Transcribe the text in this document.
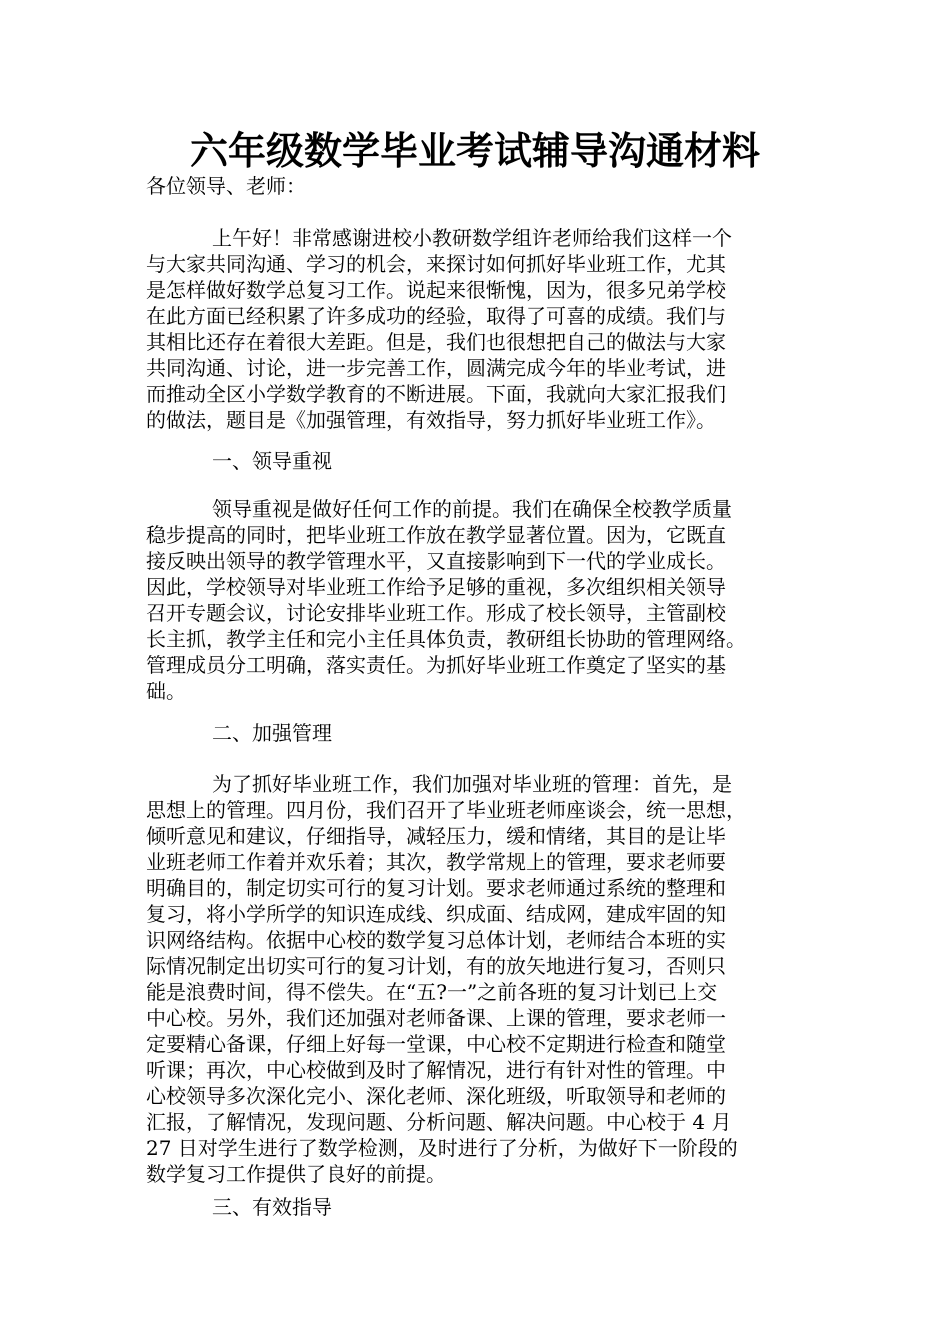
六年级数学毕业考试辅导沟通材料

各位领导、老师：

上午好！非常感谢进校小教研数学组许老师给我们这样一个
与大家共同沟通、学习的机会，来探讨如何抓好毕业班工作，尤其
是怎样做好数学总复习工作。说起来很惭愧，因为，很多兄弟学校
在此方面已经积累了许多成功的经验，取得了可喜的成绩。我们与
其相比还存在着很大差距。但是，我们也很想把自己的做法与大家
共同沟通、讨论，进一步完善工作，圆满完成今年的毕业考试，进
而推动全区小学数学教育的不断进展。下面，我就向大家汇报我们
的做法，题目是《加强管理，有效指导，努力抓好毕业班工作》。

一、领导重视

领导重视是做好任何工作的前提。我们在确保全校教学质量
稳步提高的同时，把毕业班工作放在教学显著位置。因为，它既直
接反映出领导的教学管理水平，又直接影响到下一代的学业成长。
因此，学校领导对毕业班工作给予足够的重视，多次组织相关领导
召开专题会议，讨论安排毕业班工作。形成了校长领导，主管副校
长主抓，教学主任和完小主任具体负责，教研组长协助的管理网络。
管理成员分工明确，落实责任。为抓好毕业班工作奠定了坚实的基
础。

二、加强管理

为了抓好毕业班工作，我们加强对毕业班的管理：首先，是
思想上的管理。四月份，我们召开了毕业班老师座谈会，统一思想，
倾听意见和建议，仔细指导，减轻压力，缓和情绪，其目的是让毕
业班老师工作着并欢乐着；其次，教学常规上的管理，要求老师要
明确目的，制定切实可行的复习计划。要求老师通过系统的整理和
复习，将小学所学的知识连成线、织成面、结成网，建成牢固的知
识网络结构。依据中心校的数学复习总体计划，老师结合本班的实
际情况制定出切实可行的复习计划，有的放矢地进行复习，否则只
能是浪费时间，得不偿失。在“五?一”之前各班的复习计划已上交
中心校。另外，我们还加强对老师备课、上课的管理，要求老师一
定要精心备课，仔细上好每一堂课，中心校不定期进行检查和随堂
听课；再次，中心校做到及时了解情况，进行有针对性的管理。中
心校领导多次深化完小、深化老师、深化班级，听取领导和老师的
汇报，了解情况，发现问题、分析问题、解决问题。中心校于 4 月
27 日对学生进行了数学检测，及时进行了分析，为做好下一阶段的
数学复习工作提供了良好的前提。

三、有效指导
